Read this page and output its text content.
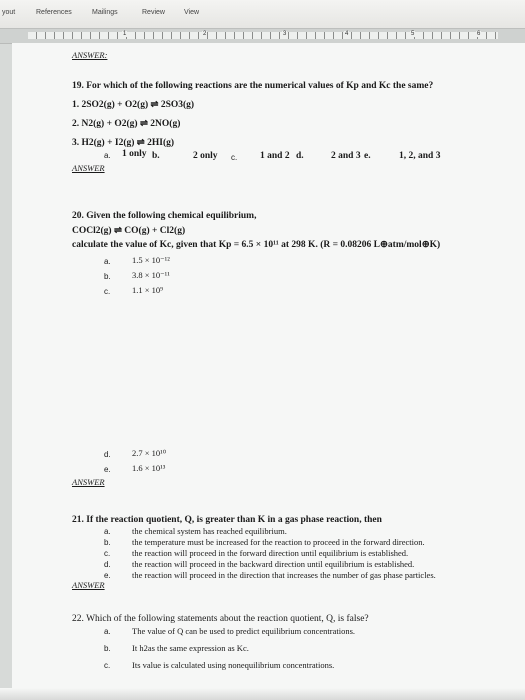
yout	References	Mailings	Review	View
1	2	3	4	5	6
ANSWER:
19. For which of the following reactions are the numerical values of Kp and Kc the same?
1. 2SO2(g) + O2(g) ⇌ 2SO3(g)
2. N2(g) + O2(g) ⇌ 2NO(g)
3. H2(g) + I2(g) ⇌ 2HI(g)
a. 1 only b.	2 only c. 1 and 2 d.	2 and 3 e.	1, 2, and 3
ANSWER
20. Given the following chemical equilibrium,
COCl2(g) ⇌ CO(g) + Cl2(g)
calculate the value of Kc, given that Kp = 6.5 × 10¹¹ at 298 K. (R = 0.08206 L⊕atm/mol⊕K)
a.	1.5 × 10⁻¹²
b.	3.8 × 10⁻¹¹
c.	1.1 × 10⁹
d.	2.7 × 10¹⁰
e.	1.6 × 10¹³
ANSWER
21. If the reaction quotient, Q, is greater than K in a gas phase reaction, then
a.	the chemical system has reached equilibrium.
b.	the temperature must be increased for the reaction to proceed in the forward direction.
c.	the reaction will proceed in the forward direction until equilibrium is established.
d.	the reaction will proceed in the backward direction until equilibrium is established.
e.	the reaction will proceed in the direction that increases the number of gas phase particles.
ANSWER
22. Which of the following statements about the reaction quotient, Q, is false?
a.	The value of Q can be used to predict equilibrium concentrations.
b.	It h2as the same expression as Kc.
c.	Its value is calculated using nonequilibrium concentrations.
